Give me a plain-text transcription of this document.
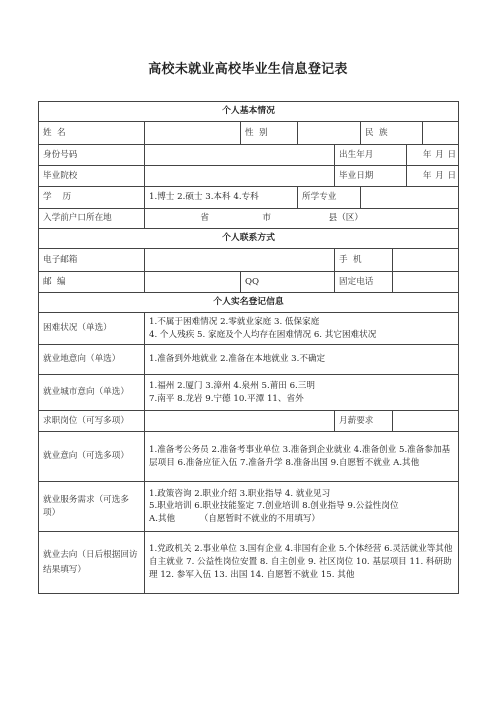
高校未就业高校毕业生信息登记表
个人基本情况					
姓  名		性  别			民  族

身份号码				出生年月 年 月 日	

毕业院校				毕业日期 年 月 日	

学    历	1.博士 2.硕士 3.本科 4.专科		所学专业		
入学前户口所在地	省 市 县（区）				

个人联系方式					
电子邮箱				手  机	

邮  编		QQ		固定电话	

个人实名登记信息					
困难状况（单选）	1.不属于困难情况 2.零就业家庭 3. 低保家庭
4. 个人残疾 5. 家庭及个人均存在困难情况 6. 其它困难状况				

就业地意向（单选）	1.准备到外地就业 2.准备在本地就业 3.不确定				
就业城市意向（单选）	1.福州 2.厦门 3.漳州 4.泉州 5.莆田 6.三明
7.南平 8.龙岩 9.宁德 10.平潭 11、省外				

求职岗位（可写多项）				月薪要求	

就业意向（可选多项）	1.准备考公务员 2.准备考事业单位 3.准备到企业就业 4.准备创业 5.准备参加基层项目 6.准备应征入伍 7.准备升学 8.准备出国 9.自愿暂不就业 A.其他				
就业服务需求（可选多项）	1.政策咨询 2.职业介绍 3.职业指导 4. 就业见习
5.职业培训 6.职业技能鉴定 7.创业培训 8.创业指导 9.公益性岗位
A.其他         （自愿暂时不就业的不用填写）				

就业去向（日后根据回访结果填写）	1.党政机关 2.事业单位 3.国有企业 4.非国有企业 5.个体经营 6.灵活就业等其他自主就业 7. 公益性岗位安置 8. 自主创业 9. 社区岗位 10. 基层项目 11. 科研助理 12. 参军入伍 13. 出国 14. 自愿暂不就业 15. 其他				
